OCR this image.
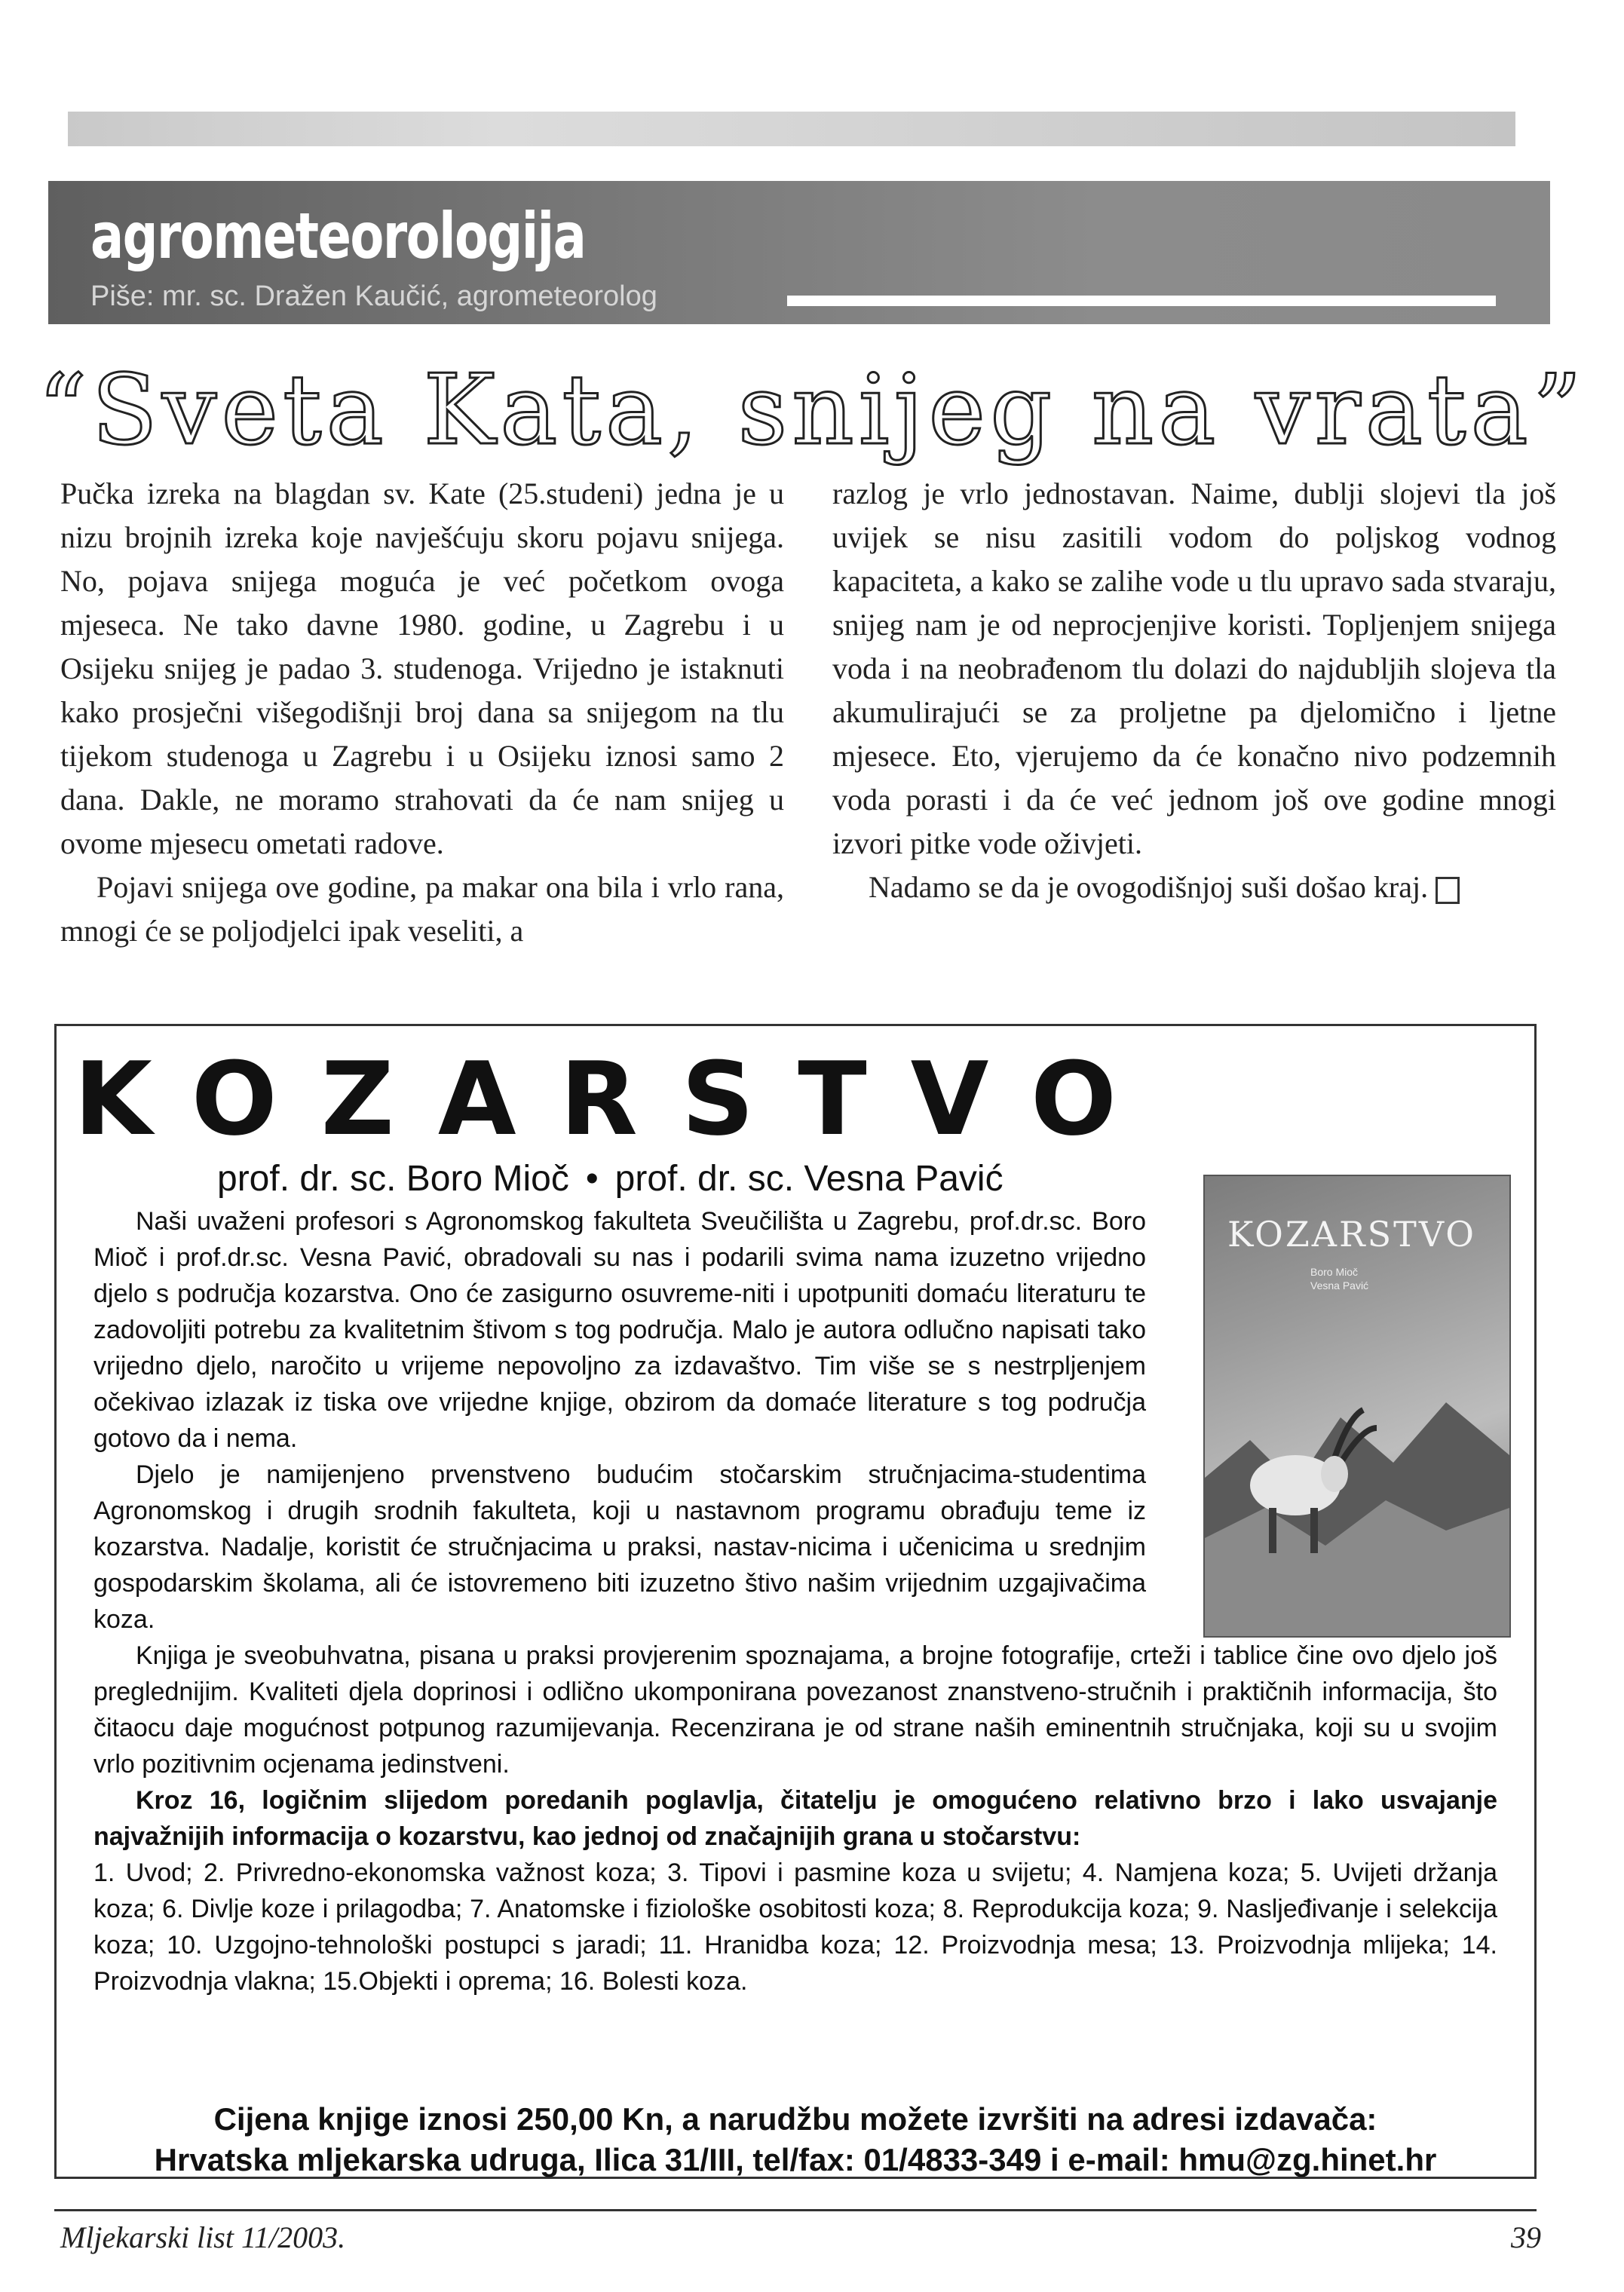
agrometeorologija
Piše: mr. sc. Dražen Kaučić, agrometeorolog
“Sveta Kata, snijeg na vrata”

Pučka izreka na blagdan sv. Kate (25.studeni) jedna je u nizu brojnih izreka koje navješćuju skoru pojavu snijega. No, pojava snijega moguća je već početkom ovoga mjeseca. Ne tako davne 1980. godine, u Zagrebu i u Osijeku snijeg je padao 3. studenoga. Vrijedno je istaknuti kako prosječni višegodišnji broj dana sa snijegom na tlu tijekom studenoga u Zagrebu i u Osijeku iznosi samo 2 dana. Dakle, ne moramo strahovati da će nam snijeg u ovome mjesecu ometati radove.

Pojavi snijega ove godine, pa makar ona bila i vrlo rana, mnogi će se poljodjelci ipak veseliti, a

razlog je vrlo jednostavan. Naime, dublji slojevi tla još uvijek se nisu zasitili vodom do poljskog vodnog kapaciteta, a kako se zalihe vode u tlu upravo sada stvaraju, snijeg nam je od neprocjenjive koristi. Topljenjem snijega voda i na neobrađenom tlu dolazi do najdubljih slojeva tla akumulirajući se za proljetne pa djelomično i ljetne mjesece. Eto, vjerujemo da će konačno nivo podzemnih voda porasti i da će već jednom još ove godine mnogi izvori pitke vode oživjeti.

Nadamo se da je ovogodišnjoj suši došao kraj.

KOZARSTVO
prof. dr. sc. Boro Mioč • prof. dr. sc. Vesna Pavić
KOZARSTVO
Boro Mioč
Vesna Pavić

Naši uvaženi profesori s Agronomskog fakulteta Sveučilišta u Zagrebu, prof.dr.sc. Boro Mioč i prof.dr.sc. Vesna Pavić, obradovali su nas i podarili svima nama izuzetno vrijedno djelo s područja kozarstva. Ono će zasigurno osuvreme-niti i upotpuniti domaću literaturu te zadovoljiti potrebu za kvalitetnim štivom s tog područja. Malo je autora odlučno napisati tako vrijedno djelo, naročito u vrijeme nepovoljno za izdavaštvo. Tim više se s nestrpljenjem očekivao izlazak iz tiska ove vrijedne knjige, obzirom da domaće literature s tog područja gotovo da i nema.

Djelo je namijenjeno prvenstveno budućim stočarskim stručnjacima-studentima Agronomskog i drugih srodnih fakulteta, koji u nastavnom programu obrađuju teme iz kozarstva. Nadalje, koristit će stručnjacima u praksi, nastav-nicima i učenicima u srednjim gospodarskim školama, ali će istovremeno biti izuzetno štivo našim vrijednim uzgajivačima koza.

Knjiga je sveobuhvatna, pisana u praksi provjerenim spoznajama, a brojne fotografije, crteži i tablice čine ovo djelo još preglednijim. Kvaliteti djela doprinosi i odlično ukomponirana povezanost znanstveno-stručnih i praktičnih informacija, što čitaocu daje mogućnost potpunog razumijevanja. Recenzirana je od strane naših eminentnih stručnjaka, koji su u svojim vrlo pozitivnim ocjenama jedinstveni.

Kroz 16, logičnim slijedom poredanih poglavlja, čitatelju je omogućeno relativno brzo i lako usvajanje najvažnijih informacija o kozarstvu, kao jednoj od značajnijih grana u stočarstvu:

1. Uvod; 2. Privredno-ekonomska važnost koza; 3. Tipovi i pasmine koza u svijetu; 4. Namjena koza; 5. Uvijeti držanja koza; 6. Divlje koze i prilagodba; 7. Anatomske i fiziološke osobitosti koza; 8. Reprodukcija koza; 9. Nasljeđivanje i selekcija koza; 10. Uzgojno-tehnološki postupci s jaradi; 11. Hranidba koza; 12. Proizvodnja mesa; 13. Proizvodnja mlijeka; 14. Proizvodnja vlakna; 15.Objekti i oprema; 16. Bolesti koza.

Cijena knjige iznosi 250,00 Kn, a narudžbu možete izvršiti na adresi izdavača:
Hrvatska mljekarska udruga, Ilica 31/III, tel/fax: 01/4833-349 i e-mail: hmu@zg.hinet.hr
Mljekarski list 11/2003.	39
